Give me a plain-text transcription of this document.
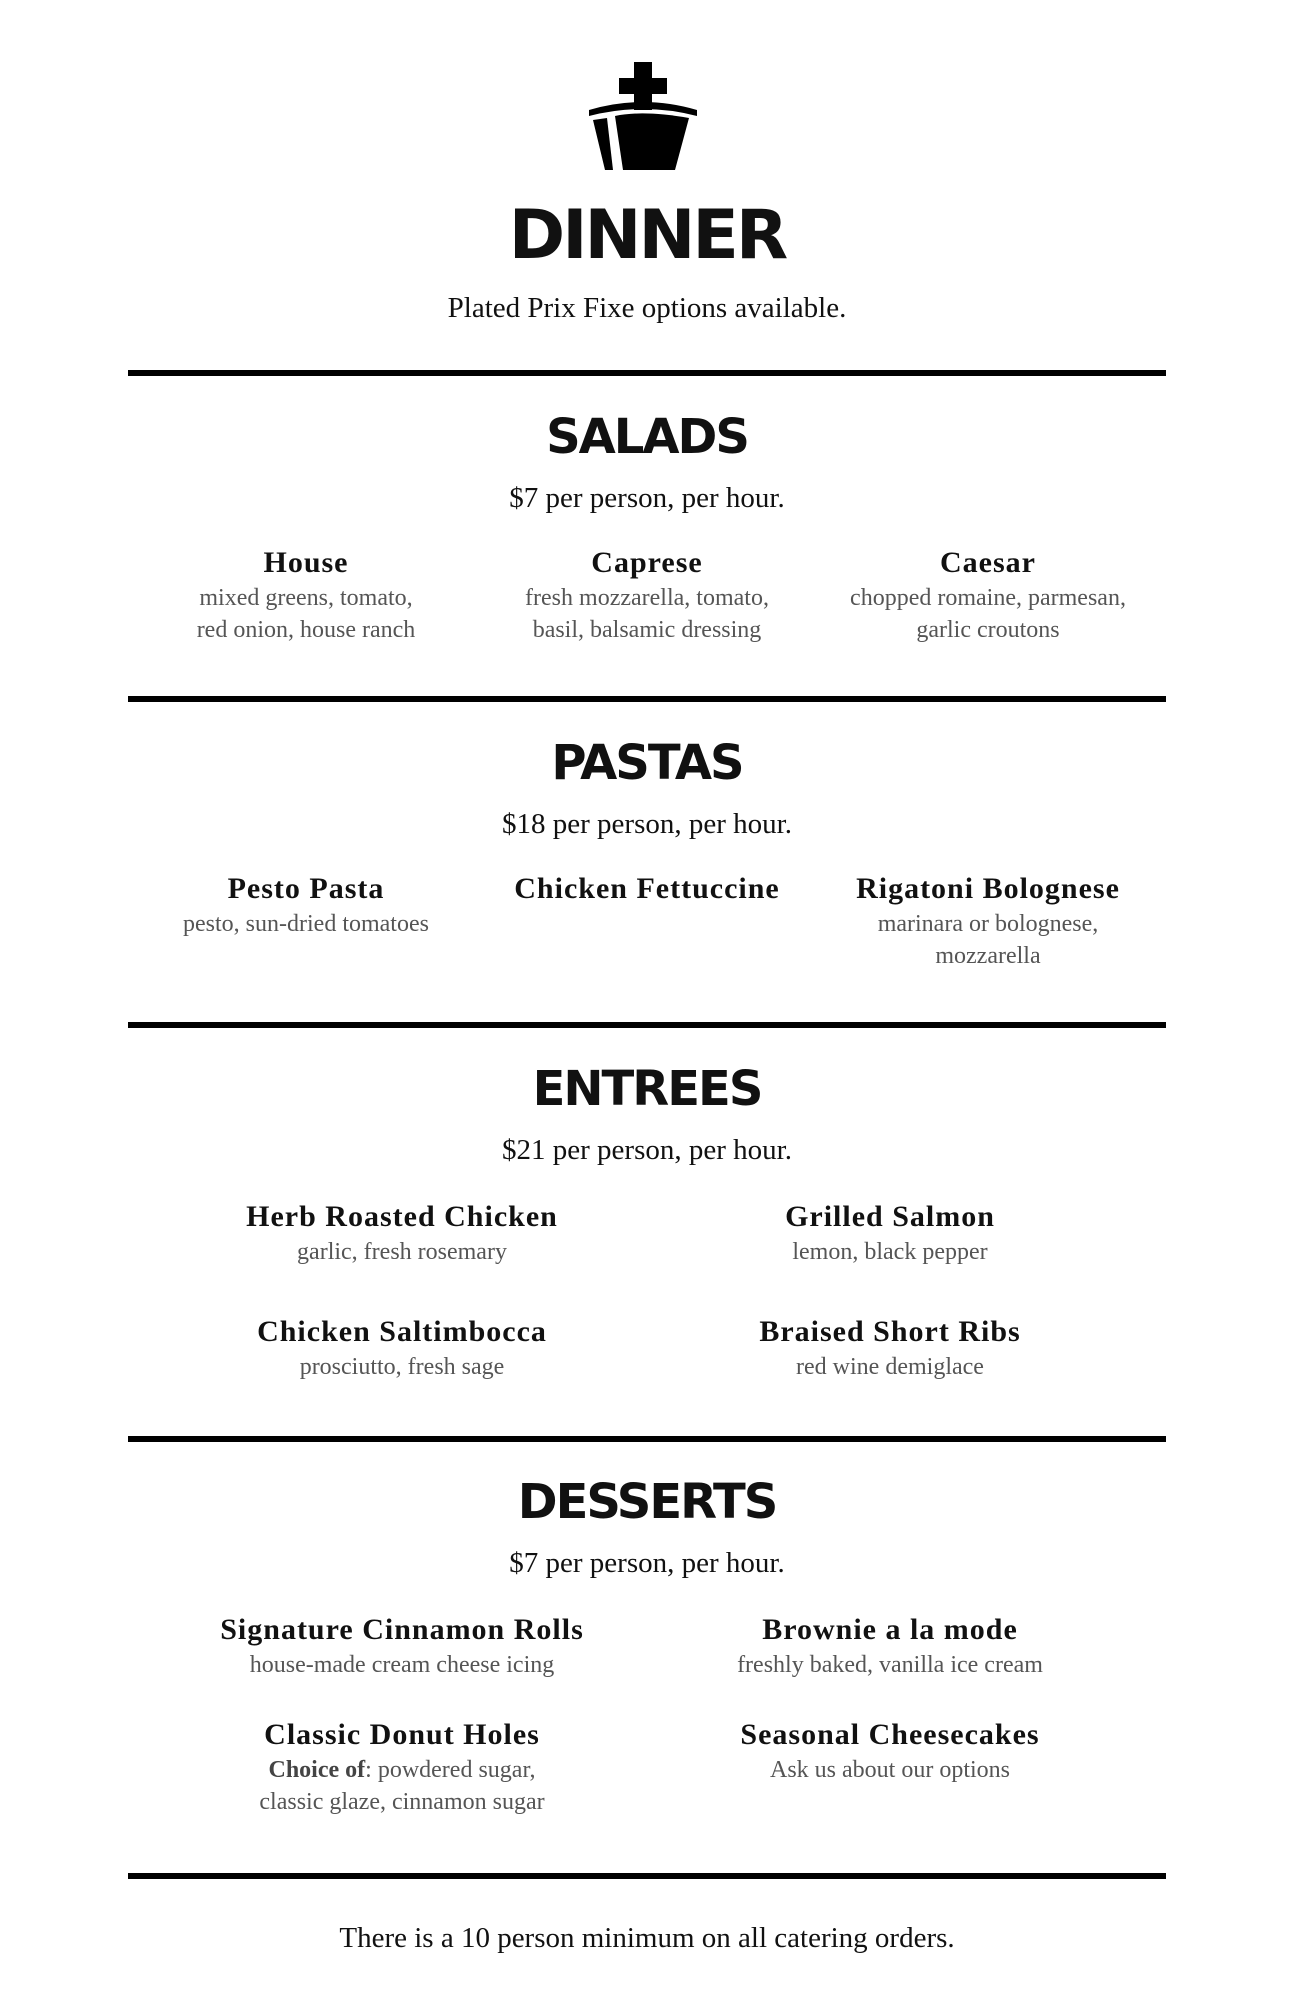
DINNER
Plated Prix Fixe options available.
SALADS
$7 per person, per hour.
House
mixed greens, tomato,
red onion, house ranch
Caprese
fresh mozzarella, tomato,
basil, balsamic dressing
Caesar
chopped romaine, parmesan,
garlic croutons
PASTAS
$18 per person, per hour.
Pesto Pasta
pesto, sun-dried tomatoes
Chicken Fettuccine	Rigatoni Bolognese
marinara or bolognese,
mozzarella
ENTREES
$21 per person, per hour.
Herb Roasted Chicken
garlic, fresh rosemary
Grilled Salmon
lemon, black pepper
Chicken Saltimbocca
prosciutto, fresh sage
Braised Short Ribs
red wine demiglace
DESSERTS
$7 per person, per hour.
Signature Cinnamon Rolls
house-made cream cheese icing
Brownie a la mode
freshly baked, vanilla ice cream
Classic Donut Holes
Choice of: powdered sugar,
classic glaze, cinnamon sugar
Seasonal Cheesecakes
Ask us about our options
There is a 10 person minimum on all catering orders.
